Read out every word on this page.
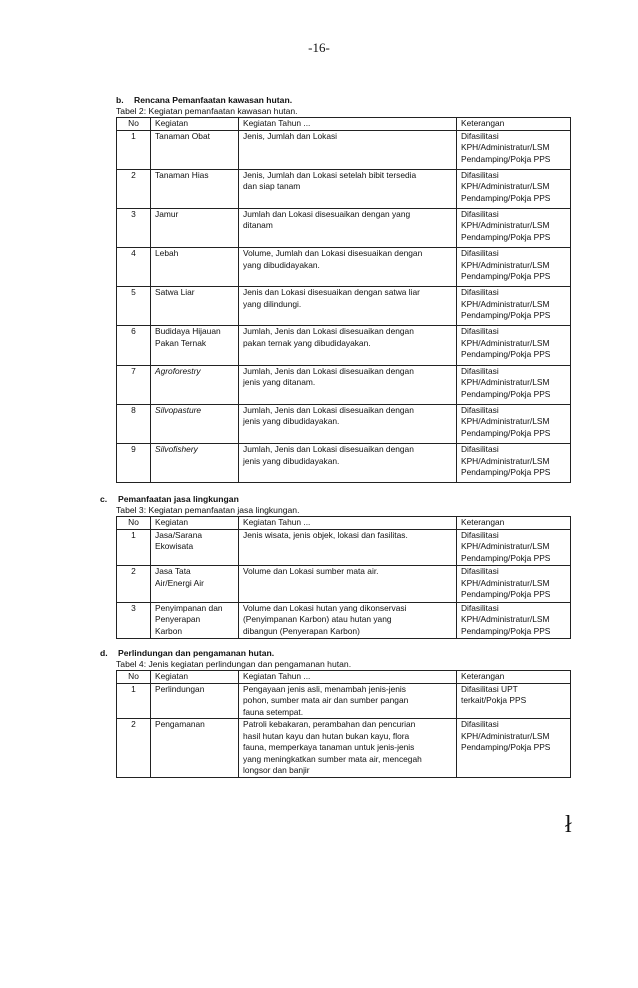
-16-
b.	Rencana Pemanfaatan kawasan hutan.
Tabel 2: Kegiatan pemanfaatan kawasan hutan.
No	Kegiatan	Kegiatan Tahun ...	Keterangan
1	Tanaman Obat	Jenis, Jumlah dan Lokasi	Difasilitasi
KPH/Administratur/LSM
Pendamping/Pokja PPS

2	Tanaman Hias	Jenis, Jumlah dan Lokasi setelah bibit tersedia
dan siap tanam	Difasilitasi
KPH/Administratur/LSM
Pendamping/Pokja PPS

3	Jamur	Jumlah dan Lokasi disesuaikan dengan yang
ditanam	Difasilitasi
KPH/Administratur/LSM
Pendamping/Pokja PPS

4	Lebah	Volume, Jumlah dan Lokasi disesuaikan dengan
yang dibudidayakan.	Difasilitasi
KPH/Administratur/LSM
Pendamping/Pokja PPS

5	Satwa Liar	Jenis dan Lokasi disesuaikan dengan satwa liar
yang dilindungi.	Difasilitasi
KPH/Administratur/LSM
Pendamping/Pokja PPS

6	Budidaya Hijauan
Pakan Ternak	Jumlah, Jenis dan Lokasi disesuaikan dengan
pakan ternak yang dibudidayakan.	Difasilitasi
KPH/Administratur/LSM
Pendamping/Pokja PPS

7	Agroforestry	Jumlah, Jenis dan Lokasi disesuaikan dengan
jenis yang ditanam.	Difasilitasi
KPH/Administratur/LSM
Pendamping/Pokja PPS

8	Silvopasture	Jumlah, Jenis dan Lokasi disesuaikan dengan
jenis yang dibudidayakan.	Difasilitasi
KPH/Administratur/LSM
Pendamping/Pokja PPS

9	Silvofishery	Jumlah, Jenis dan Lokasi disesuaikan dengan
jenis yang dibudidayakan.	Difasilitasi
KPH/Administratur/LSM
Pendamping/Pokja PPS
c.	Pemanfaatan jasa lingkungan
Tabel 3: Kegiatan pemanfaatan jasa lingkungan.
No	Kegiatan	Kegiatan Tahun ...	Keterangan
1	Jasa/Sarana
Ekowisata	Jenis wisata, jenis objek, lokasi dan fasilitas.	Difasilitasi
KPH/Administratur/LSM
Pendamping/Pokja PPS

2	Jasa Tata
Air/Energi Air	Volume dan Lokasi sumber mata air.	Difasilitasi
KPH/Administratur/LSM
Pendamping/Pokja PPS

3	Penyimpanan dan
Penyerapan
Karbon	Volume dan Lokasi hutan yang dikonservasi
(Penyimpanan Karbon) atau hutan yang
dibangun (Penyerapan Karbon)	Difasilitasi
KPH/Administratur/LSM
Pendamping/Pokja PPS
d.	Perlindungan dan pengamanan hutan.
Tabel 4: Jenis kegiatan perlindungan dan pengamanan hutan.
No	Kegiatan	Kegiatan Tahun ...	Keterangan
1	Perlindungan	Pengayaan jenis asli, menambah jenis-jenis
pohon, sumber mata air dan sumber pangan
fauna setempat.	Difasilitasi UPT
terkait/Pokja PPS

2	Pengamanan	Patroli kebakaran, perambahan dan pencurian
hasil hutan kayu dan hutan bukan kayu, flora
fauna, memperkaya tanaman untuk jenis-jenis
yang meningkatkan sumber mata air, mencegah
longsor dan banjir	Difasilitasi
KPH/Administratur/LSM
Pendamping/Pokja PPS
ł
